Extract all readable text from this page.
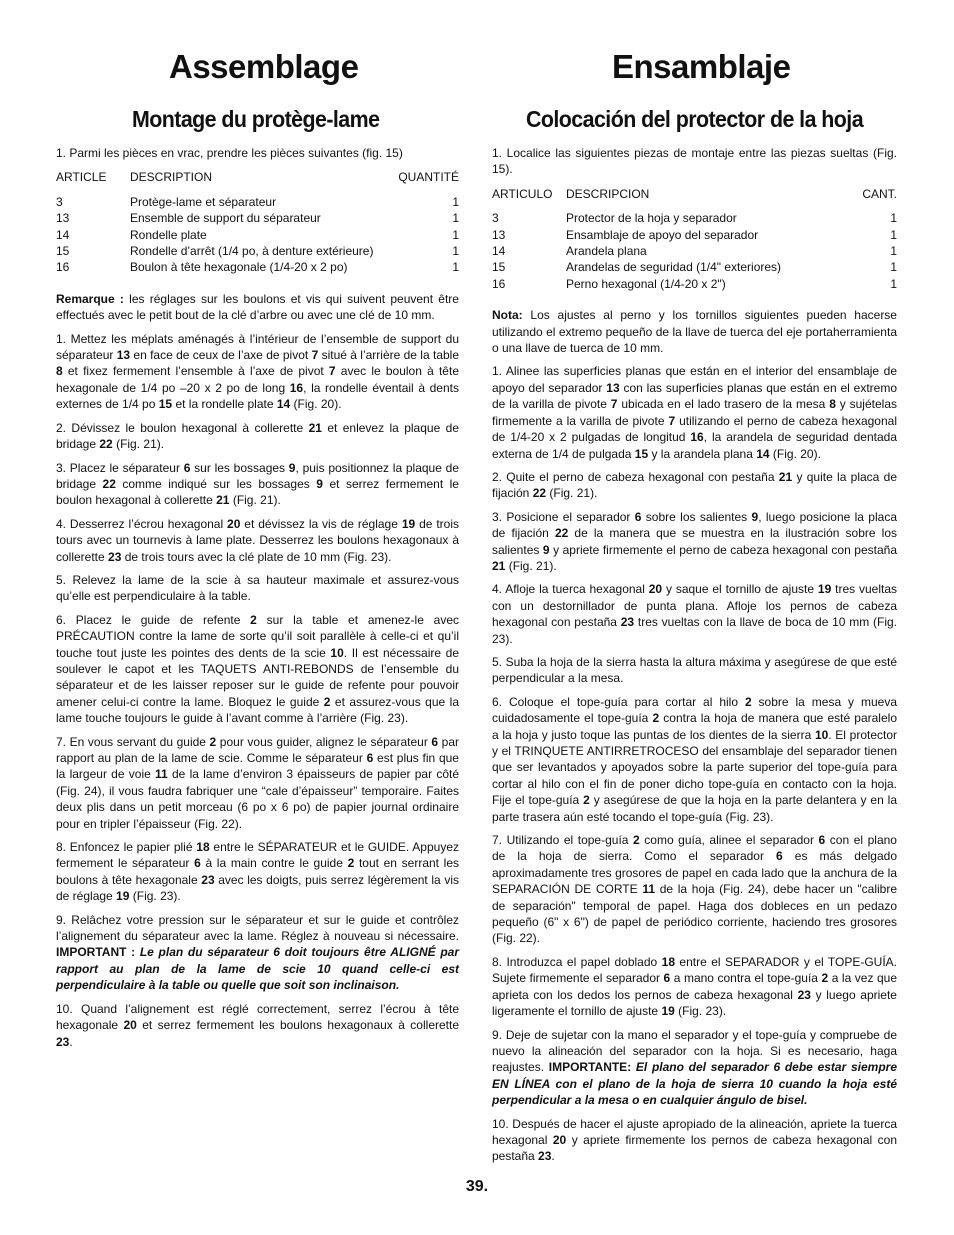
Assemblage
Montage du protège-lame

1. Parmi les pièces en vrac, prendre les pièces suivantes (fig. 15)

ARTICLE	DESCRIPTION	QUANTITÉ
3	Protège-lame et séparateur	1
13	Ensemble de support du séparateur	1
14	Rondelle plate	1
15	Rondelle d’arrêt (1/4 po, à denture extérieure)	1
16	Boulon à tête hexagonale (1/4-20 x 2 po)	1

Remarque : les réglages sur les boulons et vis qui suivent peuvent être effectués avec le petit bout de la clé d’arbre ou avec une clé de 10 mm.

1. Mettez les méplats aménagés à l’intérieur de l’ensemble de support du séparateur 13 en face de ceux de l’axe de pivot 7 situé à l’arrière de la table 8 et fixez fermement l’ensemble à l’axe de pivot 7 avec le boulon à tête hexagonale de 1/4 po –20 x 2 po de long 16, la rondelle éventail à dents externes de 1/4 po 15 et la rondelle plate 14 (Fig. 20).

2. Dévissez le boulon hexagonal à collerette 21 et enlevez la plaque de bridage 22 (Fig. 21).

3. Placez le séparateur 6 sur les bossages 9, puis positionnez la plaque de bridage 22 comme indiqué sur les bossages 9 et serrez fermement le boulon hexagonal à collerette 21 (Fig. 21).

4. Desserrez l’écrou hexagonal 20 et dévissez la vis de réglage 19 de trois tours avec un tournevis à lame plate. Desserrez les boulons hexagonaux à collerette 23 de trois tours avec la clé plate de 10 mm (Fig. 23).

5. Relevez la lame de la scie à sa hauteur maximale et assurez-vous qu’elle est perpendiculaire à la table.

6. Placez le guide de refente 2 sur la table et amenez-le avec PRÉCAUTION contre la lame de sorte qu’il soit parallèle à celle-ci et qu’il touche tout juste les pointes des dents de la scie 10. Il est nécessaire de soulever le capot et les TAQUETS ANTI-REBONDS de l’ensemble du séparateur et de les laisser reposer sur le guide de refente pour pouvoir amener celui-ci contre la lame. Bloquez le guide 2 et assurez-vous que la lame touche toujours le guide à l’avant comme à l’arrière (Fig. 23).

7. En vous servant du guide 2 pour vous guider, alignez le séparateur 6 par rapport au plan de la lame de scie. Comme le séparateur 6 est plus fin que la largeur de voie 11 de la lame d’environ 3 épaisseurs de papier par côté (Fig. 24), il vous faudra fabriquer une “cale d’épaisseur” temporaire. Faites deux plis dans un petit morceau (6 po x 6 po) de papier journal ordinaire pour en tripler l’épaisseur (Fig. 22).

8. Enfoncez le papier plié 18 entre le SÉPARATEUR et le GUIDE. Appuyez fermement le séparateur 6 à la main contre le guide 2 tout en serrant les boulons à tête hexagonale 23 avec les doigts, puis serrez légèrement la vis de réglage 19 (Fig. 23).

9. Relâchez votre pression sur le séparateur et sur le guide et contrôlez l’alignement du séparateur avec la lame. Réglez à nouveau si nécessaire. IMPORTANT : Le plan du séparateur 6 doit toujours être ALIGNÉ par rapport au plan de la lame de scie 10 quand celle-ci est perpendiculaire à la table ou quelle que soit son inclinaison.

10. Quand l’alignement est réglé correctement, serrez l’écrou à tête hexagonale 20 et serrez fermement les boulons hexagonaux à collerette 23.

Ensamblaje
Colocación del protector de la hoja

1. Localice las siguientes piezas de montaje entre las piezas sueltas (Fig. 15).

ARTICULO	DESCRIPCION	CANT.
3	Protector de la hoja y separador	1
13	Ensamblaje de apoyo del separador	1
14	Arandela plana	1
15	Arandelas de seguridad (1/4" exteriores)	1
16	Perno hexagonal (1/4-20 x 2")	1

Nota: Los ajustes al perno y los tornillos siguientes pueden hacerse utilizando el extremo pequeño de la llave de tuerca del eje portaherramienta o una llave de tuerca de 10 mm.

1. Alinee las superficies planas que están en el interior del ensamblaje de apoyo del separador 13 con las superficies planas que están en el extremo de la varilla de pivote 7 ubicada en el lado trasero de la mesa 8 y sujételas firmemente a la varilla de pivote 7 utilizando el perno de cabeza hexagonal de 1/4-20 x 2 pulgadas de longitud 16, la arandela de seguridad dentada externa de 1/4 de pulgada 15 y la arandela plana 14 (Fig. 20).

2. Quite el perno de cabeza hexagonal con pestaña 21 y quite la placa de fijación 22 (Fig. 21).

3. Posicione el separador 6 sobre los salientes 9, luego posicione la placa de fijación 22 de la manera que se muestra en la ilustración sobre los salientes 9 y apriete firmemente el perno de cabeza hexagonal con pestaña 21 (Fig. 21).

4. Afloje la tuerca hexagonal 20 y saque el tornillo de ajuste 19 tres vueltas con un destornillador de punta plana. Afloje los pernos de cabeza hexagonal con pestaña 23 tres vueltas con la llave de boca de 10 mm (Fig. 23).

5. Suba la hoja de la sierra hasta la altura máxima y asegúrese de que esté perpendicular a la mesa.

6. Coloque el tope-guía para cortar al hilo 2 sobre la mesa y mueva cuidadosamente el tope-guía 2 contra la hoja de manera que esté paralelo a la hoja y justo toque las puntas de los dientes de la sierra 10. El protector y el TRINQUETE ANTIRRETROCESO del ensamblaje del separador tienen que ser levantados y apoyados sobre la parte superior del tope-guía para cortar al hilo con el fin de poner dicho tope-guía en contacto con la hoja. Fije el tope-guía 2 y asegúrese de que la hoja en la parte delantera y en la parte trasera aún esté tocando el tope-guía (Fig. 23).

7. Utilizando el tope-guía 2 como guía, alinee el separador 6 con el plano de la hoja de sierra. Como el separador 6 es más delgado aproximadamente tres grosores de papel en cada lado que la anchura de la SEPARACIÓN DE CORTE 11 de la hoja (Fig. 24), debe hacer un "calibre de separación" temporal de papel. Haga dos dobleces en un pedazo pequeño (6" x 6") de papel de periódico corriente, haciendo tres grosores (Fig. 22).

8. Introduzca el papel doblado 18 entre el SEPARADOR y el TOPE-GUÍA. Sujete firmemente el separador 6 a mano contra el tope-guía 2 a la vez que aprieta con los dedos los pernos de cabeza hexagonal 23 y luego apriete ligeramente el tornillo de ajuste 19 (Fig. 23).

9. Deje de sujetar con la mano el separador y el tope-guía y compruebe de nuevo la alineación del separador con la hoja. Si es necesario, haga reajustes. IMPORTANTE: El plano del separador 6 debe estar siempre EN LÍNEA con el plano de la hoja de sierra 10 cuando la hoja esté perpendicular a la mesa o en cualquier ángulo de bisel.

10. Después de hacer el ajuste apropiado de la alineación, apriete la tuerca hexagonal 20 y apriete firmemente los pernos de cabeza hexagonal con pestaña 23.

39.
